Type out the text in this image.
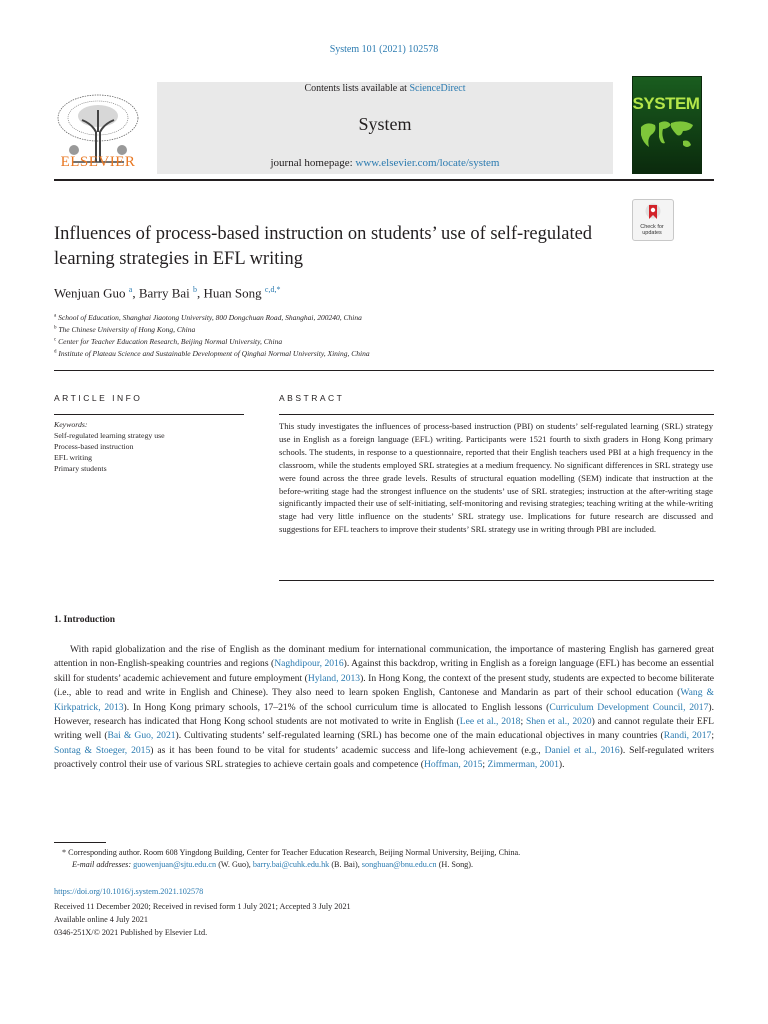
System 101 (2021) 102578
Contents lists available at ScienceDirect
System
journal homepage: www.elsevier.com/locate/system
ELSEVIER
SYSTEM
Influences of process-based instruction on students’ use of self-regulated learning strategies in EFL writing
Check for updates
Wenjuan Guo $^a$, Barry Bai $^b$, Huan Song $^{c,d,*}$
$^a$ School of Education, Shanghai Jiaotong University, 800 Dongchuan Road, Shanghai, 200240, China
$^b$ The Chinese University of Hong Kong, China
$^c$ Center for Teacher Education Research, Beijing Normal University, China
$^d$ Institute of Plateau Science and Sustainable Development of Qinghai Normal University, Xining, China
ARTICLE INFO
Keywords:
Self-regulated learning strategy use
Process-based instruction
EFL writing
Primary students
ABSTRACT
This study investigates the influences of process-based instruction (PBI) on students’ self-regulated learning (SRL) strategy use in English as a foreign language (EFL) writing. Participants were 1521 fourth to sixth graders in Hong Kong primary schools. The students, in response to a questionnaire, reported that their English teachers used PBI at a high frequency in the classroom, while the students employed SRL strategies at a medium frequency. No significant differences in SRL strategy use were found across the three grade levels. Results of structural equation modelling (SEM) indicate that instruction at the before-writing stage had the strongest influence on the students’ use of SRL strategies; instruction at the after-writing stage significantly impacted their use of self-initiating, self-monitoring and revising strategies; teaching writing at the while-writing stage had very little influence on the students’ SRL strategy use. Implications for future research are discussed and suggestions for EFL teachers to improve their students’ SRL strategy use in writing through PBI are included.
1. Introduction
With rapid globalization and the rise of English as the dominant medium for international communication, the importance of mastering English has garnered great attention in non-English-speaking countries and regions (Naghdipour, 2016). Against this backdrop, writing in English as a foreign language (EFL) has become an essential skill for students’ academic achievement and future employment (Hyland, 2013). In Hong Kong, the context of the present study, students are expected to become biliterate (i.e., able to read and write in English and Chinese). They also need to learn spoken English, Cantonese and Mandarin as part of their school education (Wang & Kirkpatrick, 2013). In Hong Kong primary schools, 17–21% of the school curriculum time is allocated to English lessons (Curriculum Development Council, 2017). However, research has indicated that Hong Kong school students are not motivated to write in English (Lee et al., 2018; Shen et al., 2020) and cannot regulate their EFL writing well (Bai & Guo, 2021). Cultivating students’ self-regulated learning (SRL) has become one of the main educational objectives in many countries (Randi, 2017; Sontag & Stoeger, 2015) as it has been found to be vital for students’ academic success and life-long achievement (e.g., Daniel et al., 2016). Self-regulated writers proactively control their use of various SRL strategies to achieve certain goals and competence (Hoffman, 2015; Zimmerman, 2001).
* Corresponding author. Room 608 Yingdong Building, Center for Teacher Education Research, Beijing Normal University, Beijing, China.
E-mail addresses: guowenjuan@sjtu.edu.cn (W. Guo), barry.bai@cuhk.edu.hk (B. Bai), songhuan@bnu.edu.cn (H. Song).
https://doi.org/10.1016/j.system.2021.102578
Received 11 December 2020; Received in revised form 1 July 2021; Accepted 3 July 2021
Available online 4 July 2021
0346-251X/© 2021 Published by Elsevier Ltd.
